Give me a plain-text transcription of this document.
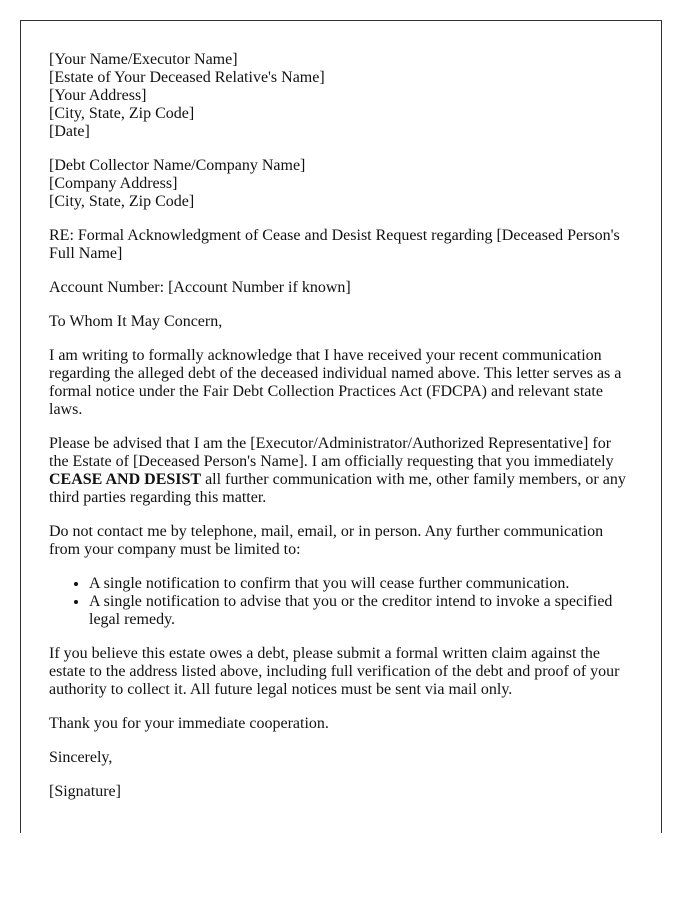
[Your Name/Executor Name]
[Estate of Your Deceased Relative's Name]
[Your Address]
[City, State, Zip Code]
[Date]

[Debt Collector Name/Company Name]
[Company Address]
[City, State, Zip Code]

RE: Formal Acknowledgment of Cease and Desist Request regarding [Deceased Person's Full Name]

Account Number: [Account Number if known]

To Whom It May Concern,

I am writing to formally acknowledge that I have received your recent communication regarding the alleged debt of the deceased individual named above. This letter serves as a formal notice under the Fair Debt Collection Practices Act (FDCPA) and relevant state laws.

Please be advised that I am the [Executor/Administrator/Authorized Representative] for the Estate of [Deceased Person's Name]. I am officially requesting that you immediately CEASE AND DESIST all further communication with me, other family members, or any third parties regarding this matter.

Do not contact me by telephone, mail, email, or in person. Any further communication from your company must be limited to:

• A single notification to confirm that you will cease further communication.
• A single notification to advise that you or the creditor intend to invoke a specified legal remedy.

If you believe this estate owes a debt, please submit a formal written claim against the estate to the address listed above, including full verification of the debt and proof of your authority to collect it. All future legal notices must be sent via mail only.

Thank you for your immediate cooperation.

Sincerely,

[Signature]
